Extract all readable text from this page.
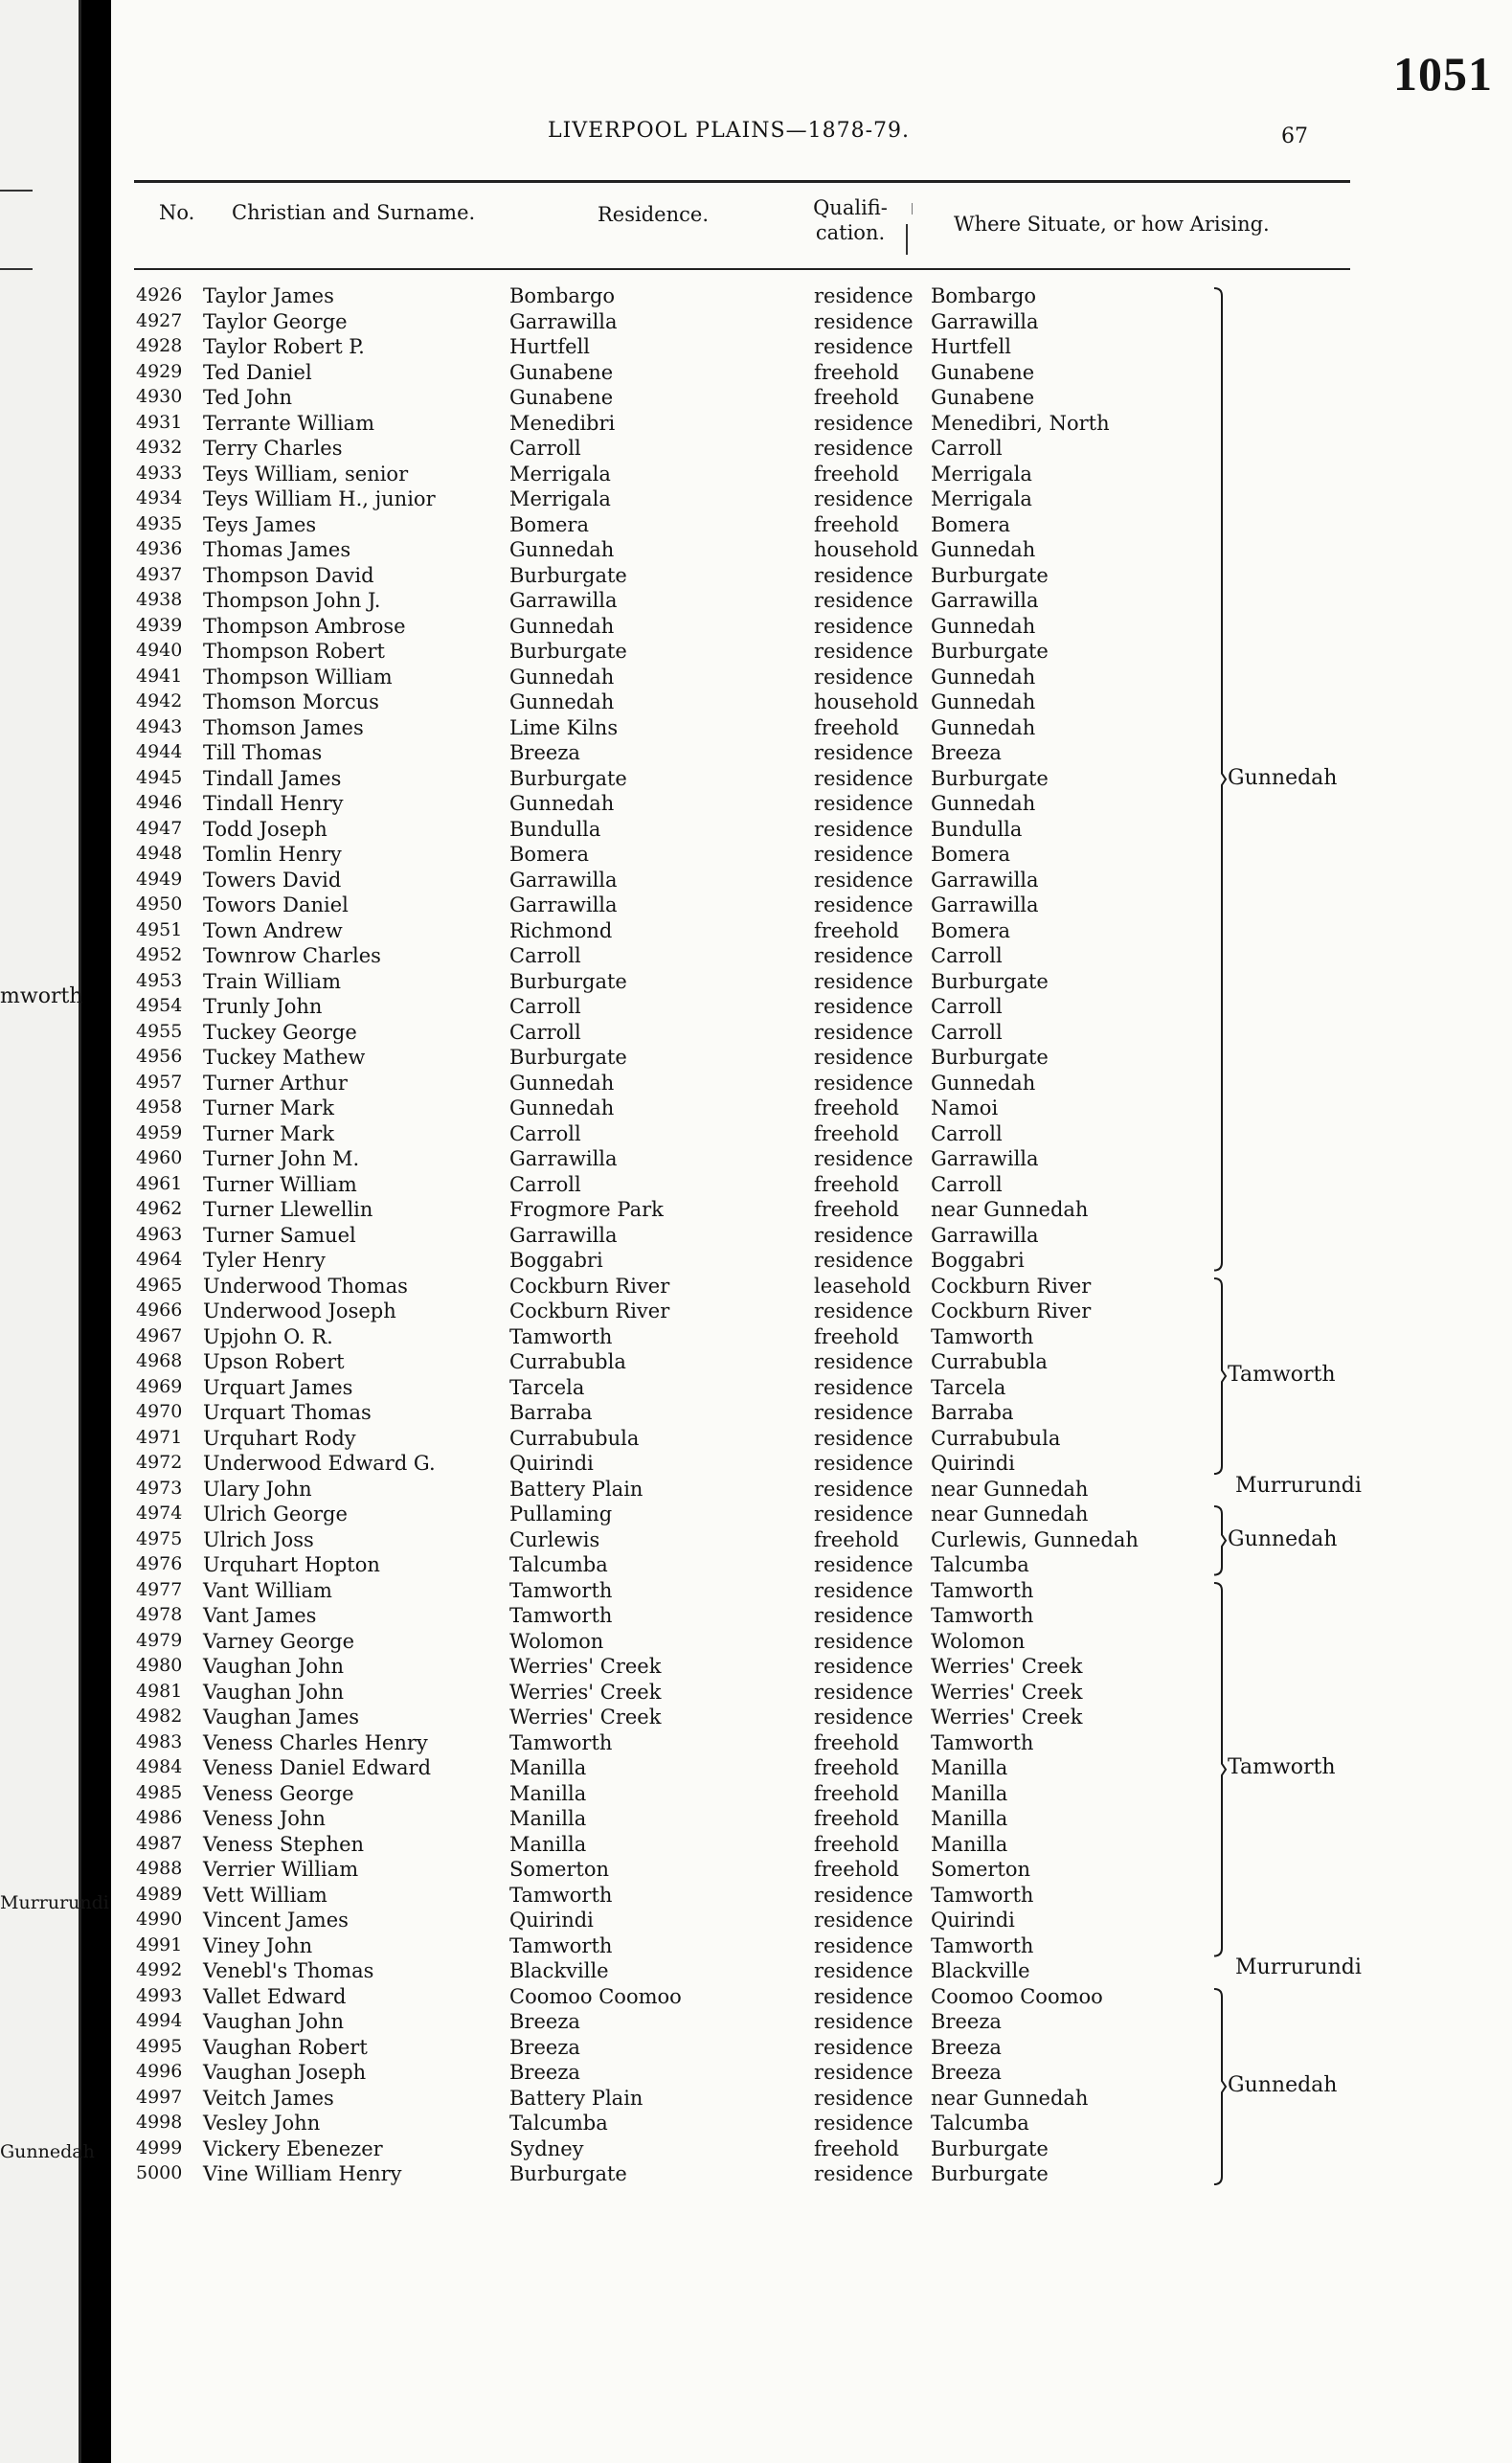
mworth
Murrurundi
Gunnedah
1051
LIVERPOOL PLAINS—1878-79.	67
No. Christian and Surname.	Residence.	Qualifi-cation.	Where Situate, or how Arising.
4926 Taylor James	Bombargo	residence Bombargo
4927 Taylor George	Garrawilla	residence Garrawilla
4928 Taylor Robert P.	Hurtfell	residence Hurtfell
4929 Ted Daniel	Gunabene	freehold Gunabene
4930 Ted John	Gunabene	freehold Gunabene
4931 Terrante William	Menedibri	residence Menedibri, North
4932 Terry Charles	Carroll	residence Carroll
4933 Teys William, senior	Merrigala	freehold Merrigala
4934 Teys William H., junior	Merrigala	residence Merrigala
4935 Teys James	Bomera	freehold Bomera
4936 Thomas James	Gunnedah	household Gunnedah
4937 Thompson David	Burburgate	residence Burburgate
4938 Thompson John J.	Garrawilla	residence Garrawilla
4939 Thompson Ambrose	Gunnedah	residence Gunnedah
4940 Thompson Robert	Burburgate	residence Burburgate
4941 Thompson William	Gunnedah	residence Gunnedah
4942 Thomson Morcus	Gunnedah	household Gunnedah
4943 Thomson James	Lime Kilns	freehold Gunnedah
4944 Till Thomas	Breeza	residence Breeza
4945 Tindall James	Burburgate	residence Burburgate
4946 Tindall Henry	Gunnedah	residence Gunnedah
4947 Todd Joseph	Bundulla	residence Bundulla
4948 Tomlin Henry	Bomera	residence Bomera
4949 Towers David	Garrawilla	residence Garrawilla
4950 Towors Daniel	Garrawilla	residence Garrawilla
4951 Town Andrew	Richmond	freehold Bomera
4952 Townrow Charles	Carroll	residence Carroll
4953 Train William	Burburgate	residence Burburgate
4954 Trunly John	Carroll	residence Carroll
4955 Tuckey George	Carroll	residence Carroll
4956 Tuckey Mathew	Burburgate	residence Burburgate
4957 Turner Arthur	Gunnedah	residence Gunnedah
4958 Turner Mark	Gunnedah	freehold Namoi
4959 Turner Mark	Carroll	freehold Carroll
4960 Turner John M.	Garrawilla	residence Garrawilla
4961 Turner William	Carroll	freehold Carroll
4962 Turner Llewellin	Frogmore Park	freehold near Gunnedah
4963 Turner Samuel	Garrawilla	residence Garrawilla
4964 Tyler Henry	Boggabri	residence Boggabri
4965 Underwood Thomas	Cockburn River	leasehold Cockburn River
4966 Underwood Joseph	Cockburn River	residence Cockburn River
4967 Upjohn O. R.	Tamworth	freehold Tamworth
4968 Upson Robert	Currabubla	residence Currabubla
4969 Urquart James	Tarcela	residence Tarcela
4970 Urquart Thomas	Barraba	residence Barraba
4971 Urquhart Rody	Currabubula	residence Currabubula
4972 Underwood Edward G.	Quirindi	residence Quirindi
4973 Ulary John	Battery Plain	residence near Gunnedah
4974 Ulrich George	Pullaming	residence near Gunnedah
4975 Ulrich Joss	Curlewis	freehold Curlewis, Gunnedah
4976 Urquhart Hopton	Talcumba	residence Talcumba
4977 Vant William	Tamworth	residence Tamworth
4978 Vant James	Tamworth	residence Tamworth
4979 Varney George	Wolomon	residence Wolomon
4980 Vaughan John	Werries' Creek	residence Werries' Creek
4981 Vaughan John	Werries' Creek	residence Werries' Creek
4982 Vaughan James	Werries' Creek	residence Werries' Creek
4983 Veness Charles Henry	Tamworth	freehold Tamworth
4984 Veness Daniel Edward	Manilla	freehold Manilla
4985 Veness George	Manilla	freehold Manilla
4986 Veness John	Manilla	freehold Manilla
4987 Veness Stephen	Manilla	freehold Manilla
4988 Verrier William	Somerton	freehold Somerton
4989 Vett William	Tamworth	residence Tamworth
4990 Vincent James	Quirindi	residence Quirindi
4991 Viney John	Tamworth	residence Tamworth
4992 Venebl's Thomas	Blackville	residence Blackville
4993 Vallet Edward	Coomoo Coomoo	residence Coomoo Coomoo
4994 Vaughan John	Breeza	residence Breeza
4995 Vaughan Robert	Breeza	residence Breeza
4996 Vaughan Joseph	Breeza	residence Breeza
4997 Veitch James	Battery Plain	residence near Gunnedah
4998 Vesley John	Talcumba	residence Talcumba
4999 Vickery Ebenezer	Sydney	freehold Burburgate
5000 Vine William Henry	Burburgate	residence Burburgate
Gunnedah
Tamworth
Murrurundi
Gunnedah
Tamworth
Murrurundi
Gunnedah
